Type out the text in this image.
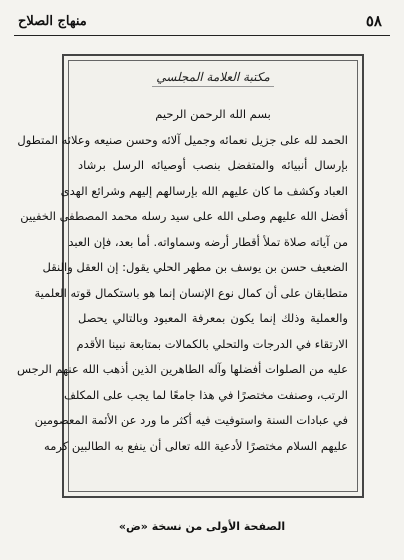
٥٨
منهاج الصلاح
مكتبة العلامة المجلسي
بسم الله الرحمن الرحيم
الحمد لله على جزيل نعمائه وجميل آلائه وحسن صنيعه وعلائه المتطول
بإرسال أنبيائه والمتفضل بنصب أوصيائه الرسل برشاد
العباد وكشف ما كان عليهم الله بإرسالهم إليهم وشرائع الهدى
أفضل الله عليهم وصلى الله على سيد رسله محمد المصطفى الخفيين
من آياته صلاة تملأ أقطار أرضه وسماواته. أما بعد، فإن العبد
الضعيف حسن بن يوسف بن مطهر الحلي يقول: إن العقل والنقل
متطابقان على أن كمال نوع الإنسان إنما هو باستكمال قوته العلمية
والعملية وذلك إنما يكون بمعرفة المعبود وبالتالي يحصل
الارتقاء في الدرجات والتحلي بالكمالات بمتابعة نبينا الأقدم
عليه من الصلوات أفضلها وآله الطاهرين الذين أذهب الله عنهم الرجس
الرتب، وصنفت مختصرًا في هذا جامعًا لما يجب على المكلف
في عبادات السنة واستوفيت فيه أكثر ما ورد عن الأئمة المعصومين
عليهم السلام مختصرًا لأدعية الله تعالى أن ينفع به الطالبين كرمه
الصفحة الأولى من نسخة «ض»
